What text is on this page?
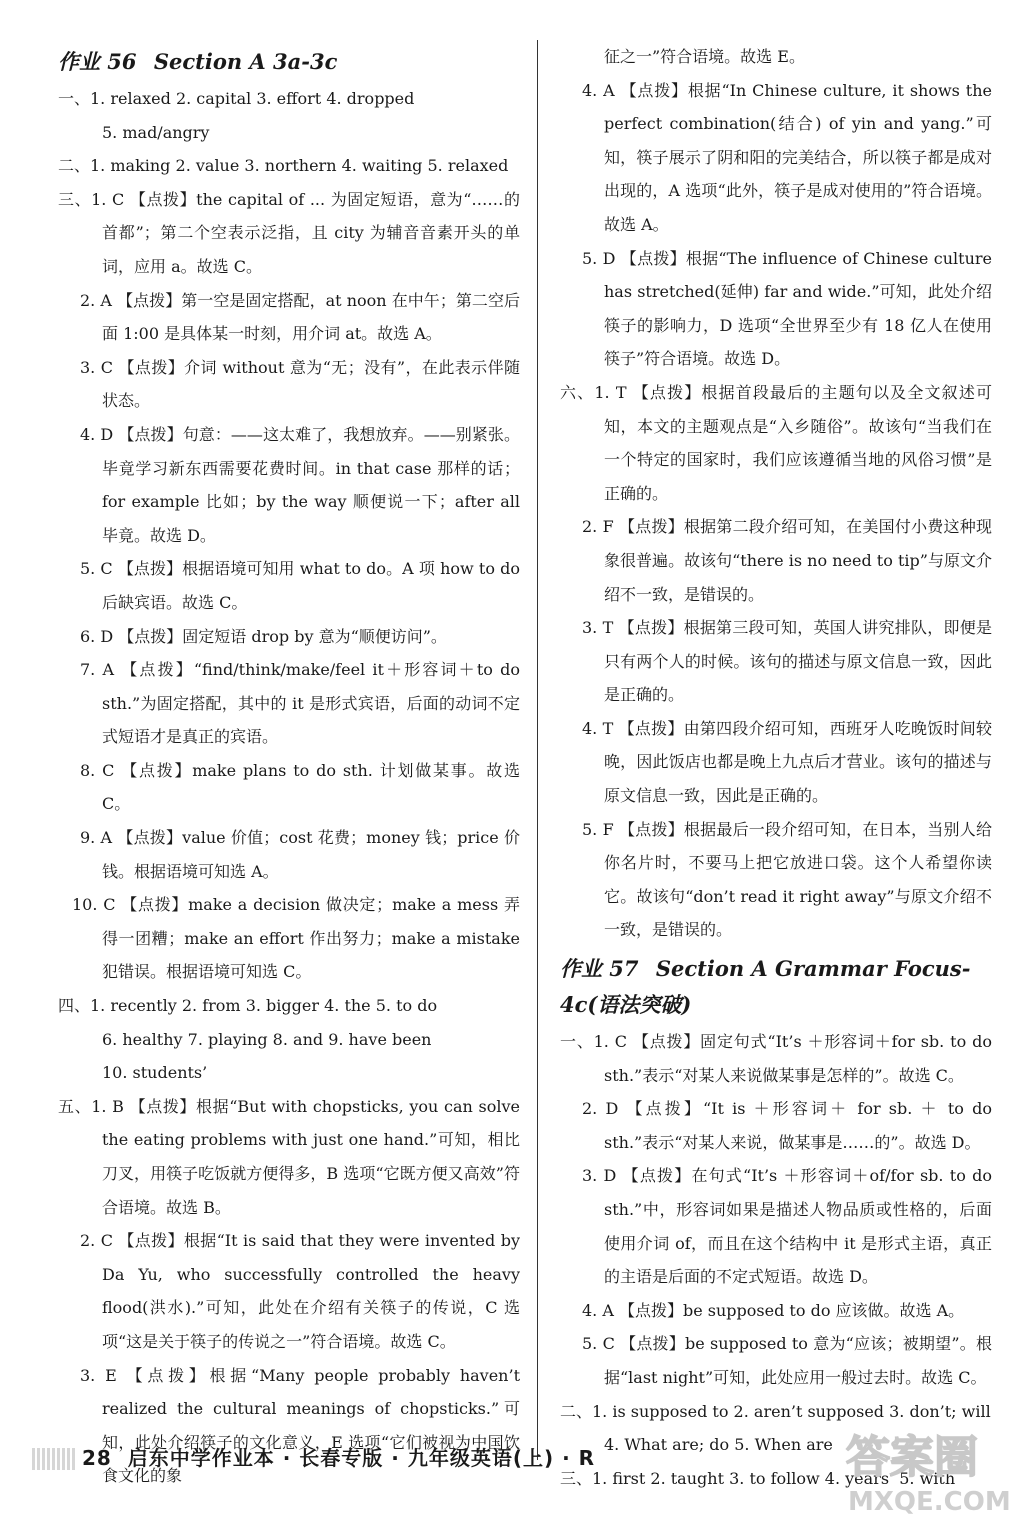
作业 56 Section A 3a-3c

一、1. relaxed 2. capital 3. effort 4. dropped

5. mad/angry

二、1. making 2. value 3. northern 4. waiting 5. relaxed

三、1. C 【点拨】the capital of ... 为固定短语，意为“……的首都”；第二个空表示泛指，且 city 为辅音音素开头的单词，应用 a。故选 C。

2. A 【点拨】第一空是固定搭配，at noon 在中午；第二空后面 1:00 是具体某一时刻，用介词 at。故选 A。

3. C 【点拨】介词 without 意为“无；没有”，在此表示伴随状态。

4. D 【点拨】句意：——这太难了，我想放弃。——别紧张。毕竟学习新东西需要花费时间。in that case 那样的话；for example 比如；by the way 顺便说一下；after all 毕竟。故选 D。

5. C 【点拨】根据语境可知用 what to do。A 项 how to do 后缺宾语。故选 C。

6. D 【点拨】固定短语 drop by 意为“顺便访问”。

7. A 【点拨】“find/think/make/feel it＋形容词＋to do sth.”为固定搭配，其中的 it 是形式宾语，后面的动词不定式短语才是真正的宾语。

8. C 【点拨】make plans to do sth. 计划做某事。故选 C。

9. A 【点拨】value 价值；cost 花费；money 钱；price 价钱。根据语境可知选 A。

10. C 【点拨】make a decision 做决定；make a mess 弄得一团糟；make an effort 作出努力；make a mistake 犯错误。根据语境可知选 C。

四、1. recently 2. from 3. bigger 4. the 5. to do

6. healthy 7. playing 8. and 9. have been

10. students’

五、1. B 【点拨】根据“But with chopsticks, you can solve the eating problems with just one hand.”可知，相比刀叉，用筷子吃饭就方便得多，B 选项“它既方便又高效”符合语境。故选 B。

2. C 【点拨】根据“It is said that they were invented by Da Yu, who successfully controlled the heavy flood(洪水).”可知，此处在介绍有关筷子的传说，C 选项“这是关于筷子的传说之一”符合语境。故选 C。

3. E 【点拨】根据“Many people probably haven’t realized the cultural meanings of chopsticks.”可知，此处介绍筷子的文化意义，E 选项“它们被视为中国饮食文化的象

征之一”符合语境。故选 E。

4. A 【点拨】根据“In Chinese culture, it shows the perfect combination(结合) of yin and yang.”可知，筷子展示了阴和阳的完美结合，所以筷子都是成对出现的，A 选项“此外，筷子是成对使用的”符合语境。故选 A。

5. D 【点拨】根据“The influence of Chinese culture has stretched(延伸) far and wide.”可知，此处介绍筷子的影响力，D 选项“全世界至少有 18 亿人在使用筷子”符合语境。故选 D。

六、1. T 【点拨】根据首段最后的主题句以及全文叙述可知，本文的主题观点是“入乡随俗”。故该句“当我们在一个特定的国家时，我们应该遵循当地的风俗习惯”是正确的。

2. F 【点拨】根据第二段介绍可知，在美国付小费这种现象很普遍。故该句“there is no need to tip”与原文介绍不一致，是错误的。

3. T 【点拨】根据第三段可知，英国人讲究排队，即便是只有两个人的时候。该句的描述与原文信息一致，因此是正确的。

4. T 【点拨】由第四段介绍可知，西班牙人吃晚饭时间较晚，因此饭店也都是晚上九点后才营业。该句的描述与原文信息一致，因此是正确的。

5. F 【点拨】根据最后一段介绍可知，在日本，当别人给你名片时，不要马上把它放进口袋。这个人希望你读它。故该句“don’t read it right away”与原文介绍不一致，是错误的。

作业 57 Section A Grammar Focus-4c(语法突破)

一、1. C 【点拨】固定句式“It’s ＋形容词＋for sb. to do sth.”表示“对某人来说做某事是怎样的”。故选 C。

2. D 【点拨】“It is ＋形容词＋ for sb. ＋ to do sth.”表示“对某人来说，做某事是……的”。故选 D。

3. D 【点拨】在句式“It’s ＋形容词＋of/for sb. to do sth.”中，形容词如果是描述人物品质或性格的，后面使用介词 of，而且在这个结构中 it 是形式主语，真正的主语是后面的不定式短语。故选 D。

4. A 【点拨】be supposed to do 应该做。故选 A。

5. C 【点拨】be supposed to 意为“应该；被期望”。根据“last night”可知，此处应用一般过去时。故选 C。

二、1. is supposed to 2. aren’t supposed 3. don’t; will

4. What are; do 5. When are

三、1. first 2. taught 3. to follow 4. years’ 5. with

28 启东中学作业本 · 长春专版 · 九年级英语(上) · R	答案圈
MXQE.COM
